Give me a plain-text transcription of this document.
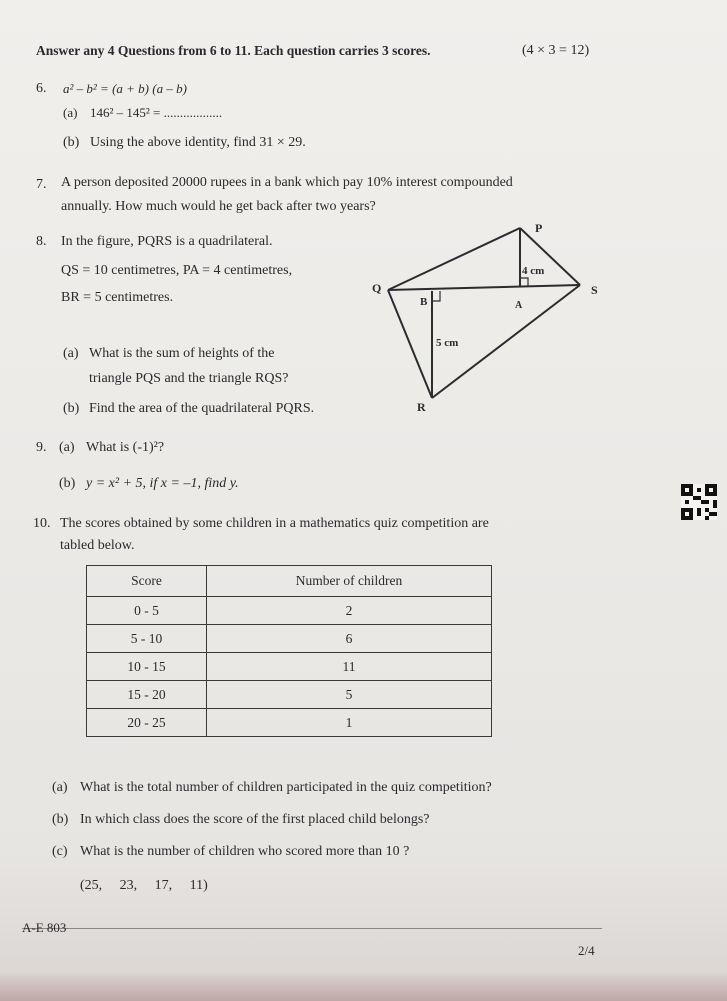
Answer any 4 Questions from 6 to 11. Each question carries 3 scores.	(4 × 3 = 12)
6. a² – b² = (a + b) (a – b)
(a) 146² – 145² = ..................
(b) Using the above identity, find 31 × 29.
7. A person deposited 20000 rupees in a bank which pay 10% interest compounded
annually. How much would he get back after two years?
8. In the figure, PQRS is a quadrilateral.
QS = 10 centimetres, PA = 4 centimetres,
BR = 5 centimetres.
(a) What is the sum of heights of the
triangle PQS and the triangle RQS?
(b) Find the area of the quadrilateral PQRS.
P
Q
R
S
A
B
4 cm
5 cm
9. (a) What is (-1)²?
(b) y = x² + 5, if x = –1, find y.
10. The scores obtained by some children in a mathematics quiz competition are
tabled below.
Score	Number of children
0 - 5	2
5 - 10	6
10 - 15	11
15 - 20	5
20 - 25	1
(a) What is the total number of children participated in the quiz competition?
(b) In which class does the score of the first placed child belongs?
(c) What is the number of children who scored more than 10 ?
(25,     23,     17,     11)
A-E 803
2/4
